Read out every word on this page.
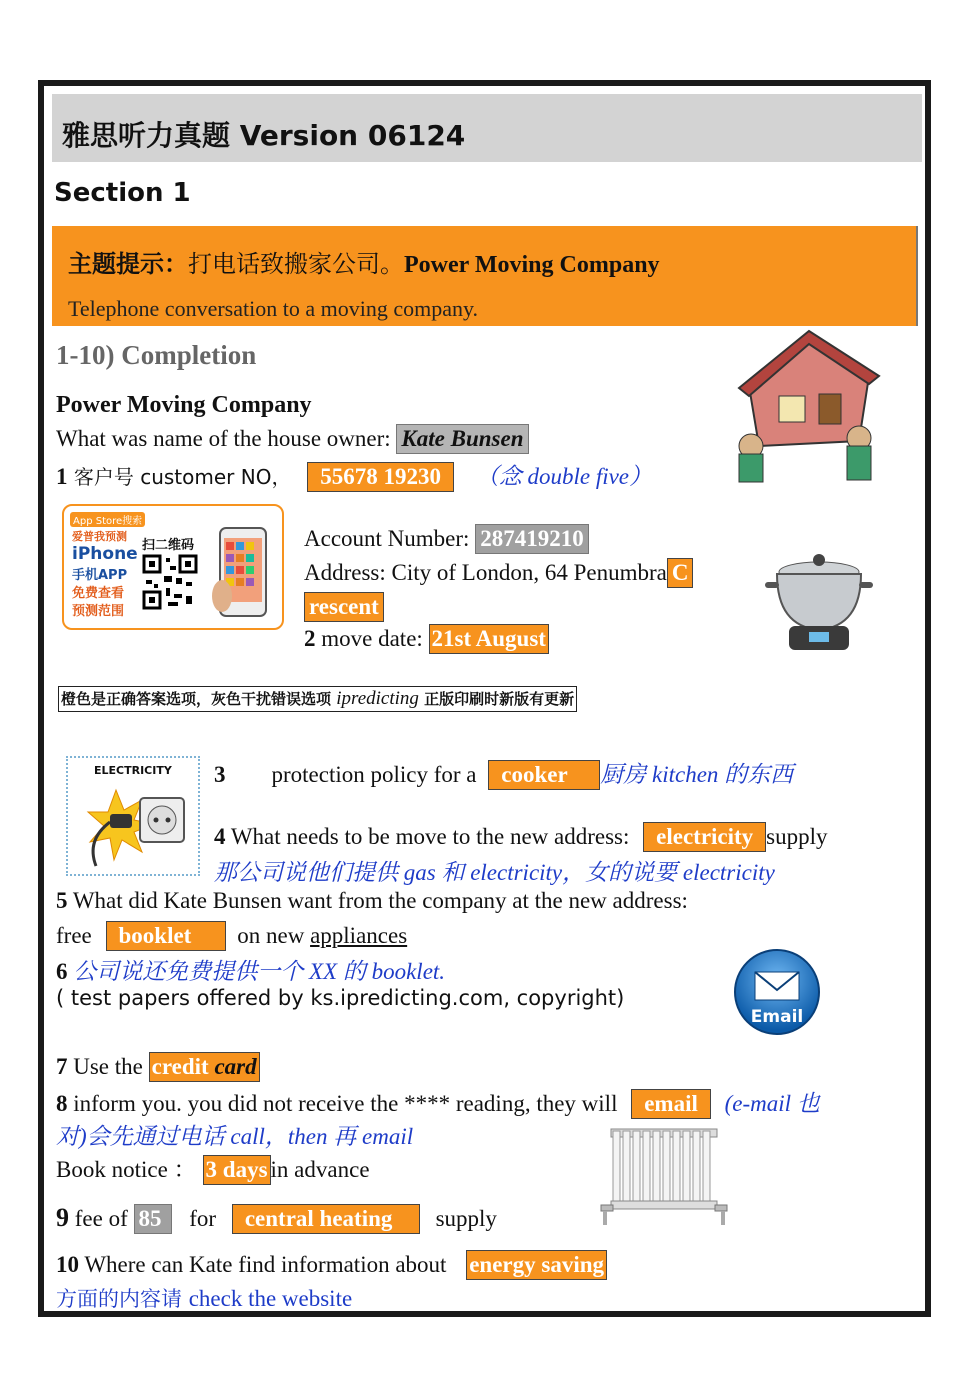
雅思听力真题 Version 06124
Section 1
主题提示：打电话致搬家公司。Power Moving Company
Telephone conversation to a moving company.
1-10) Completion
Power Moving Company
What was name of the house owner: Kate Bunsen
1 客户号 customer NO， 55678 19230 （念 double five）
App Store搜索
爱普我预测
iPhone
手机APP
免费查看
预测范围
扫二维码	Account Number: 287419210
Address: City of London, 64 Penumbra C
rescent
2 move date: 21st August
橙色是正确答案选项，灰色干扰错误选项 ipredicting 正版印刷时新版有更新
ELECTRICITY 3 protection policy for a cooker 厨房 kitchen 的东西
4 What needs to be move to the new address: electricity supply
那公司说他们提供 gas 和 electricity，女的说要 electricity
5 What did Kate Bunsen want from the company at the new address:
free booklet on new appliances
6 公司说还免费提供一个 XX 的 booklet.
( test papers offered by ks.ipredicting.com, copyright)
Email
7 Use the credit card
8 inform you. you did not receive the **** reading, they will email (e-mail 也
对)会先通过电话 call，then 再 email
Book notice ： 3 days in advance
9 fee of 85 for central heating supply
10 Where can Kate find information about energy saving
方面的内容请 check the website
